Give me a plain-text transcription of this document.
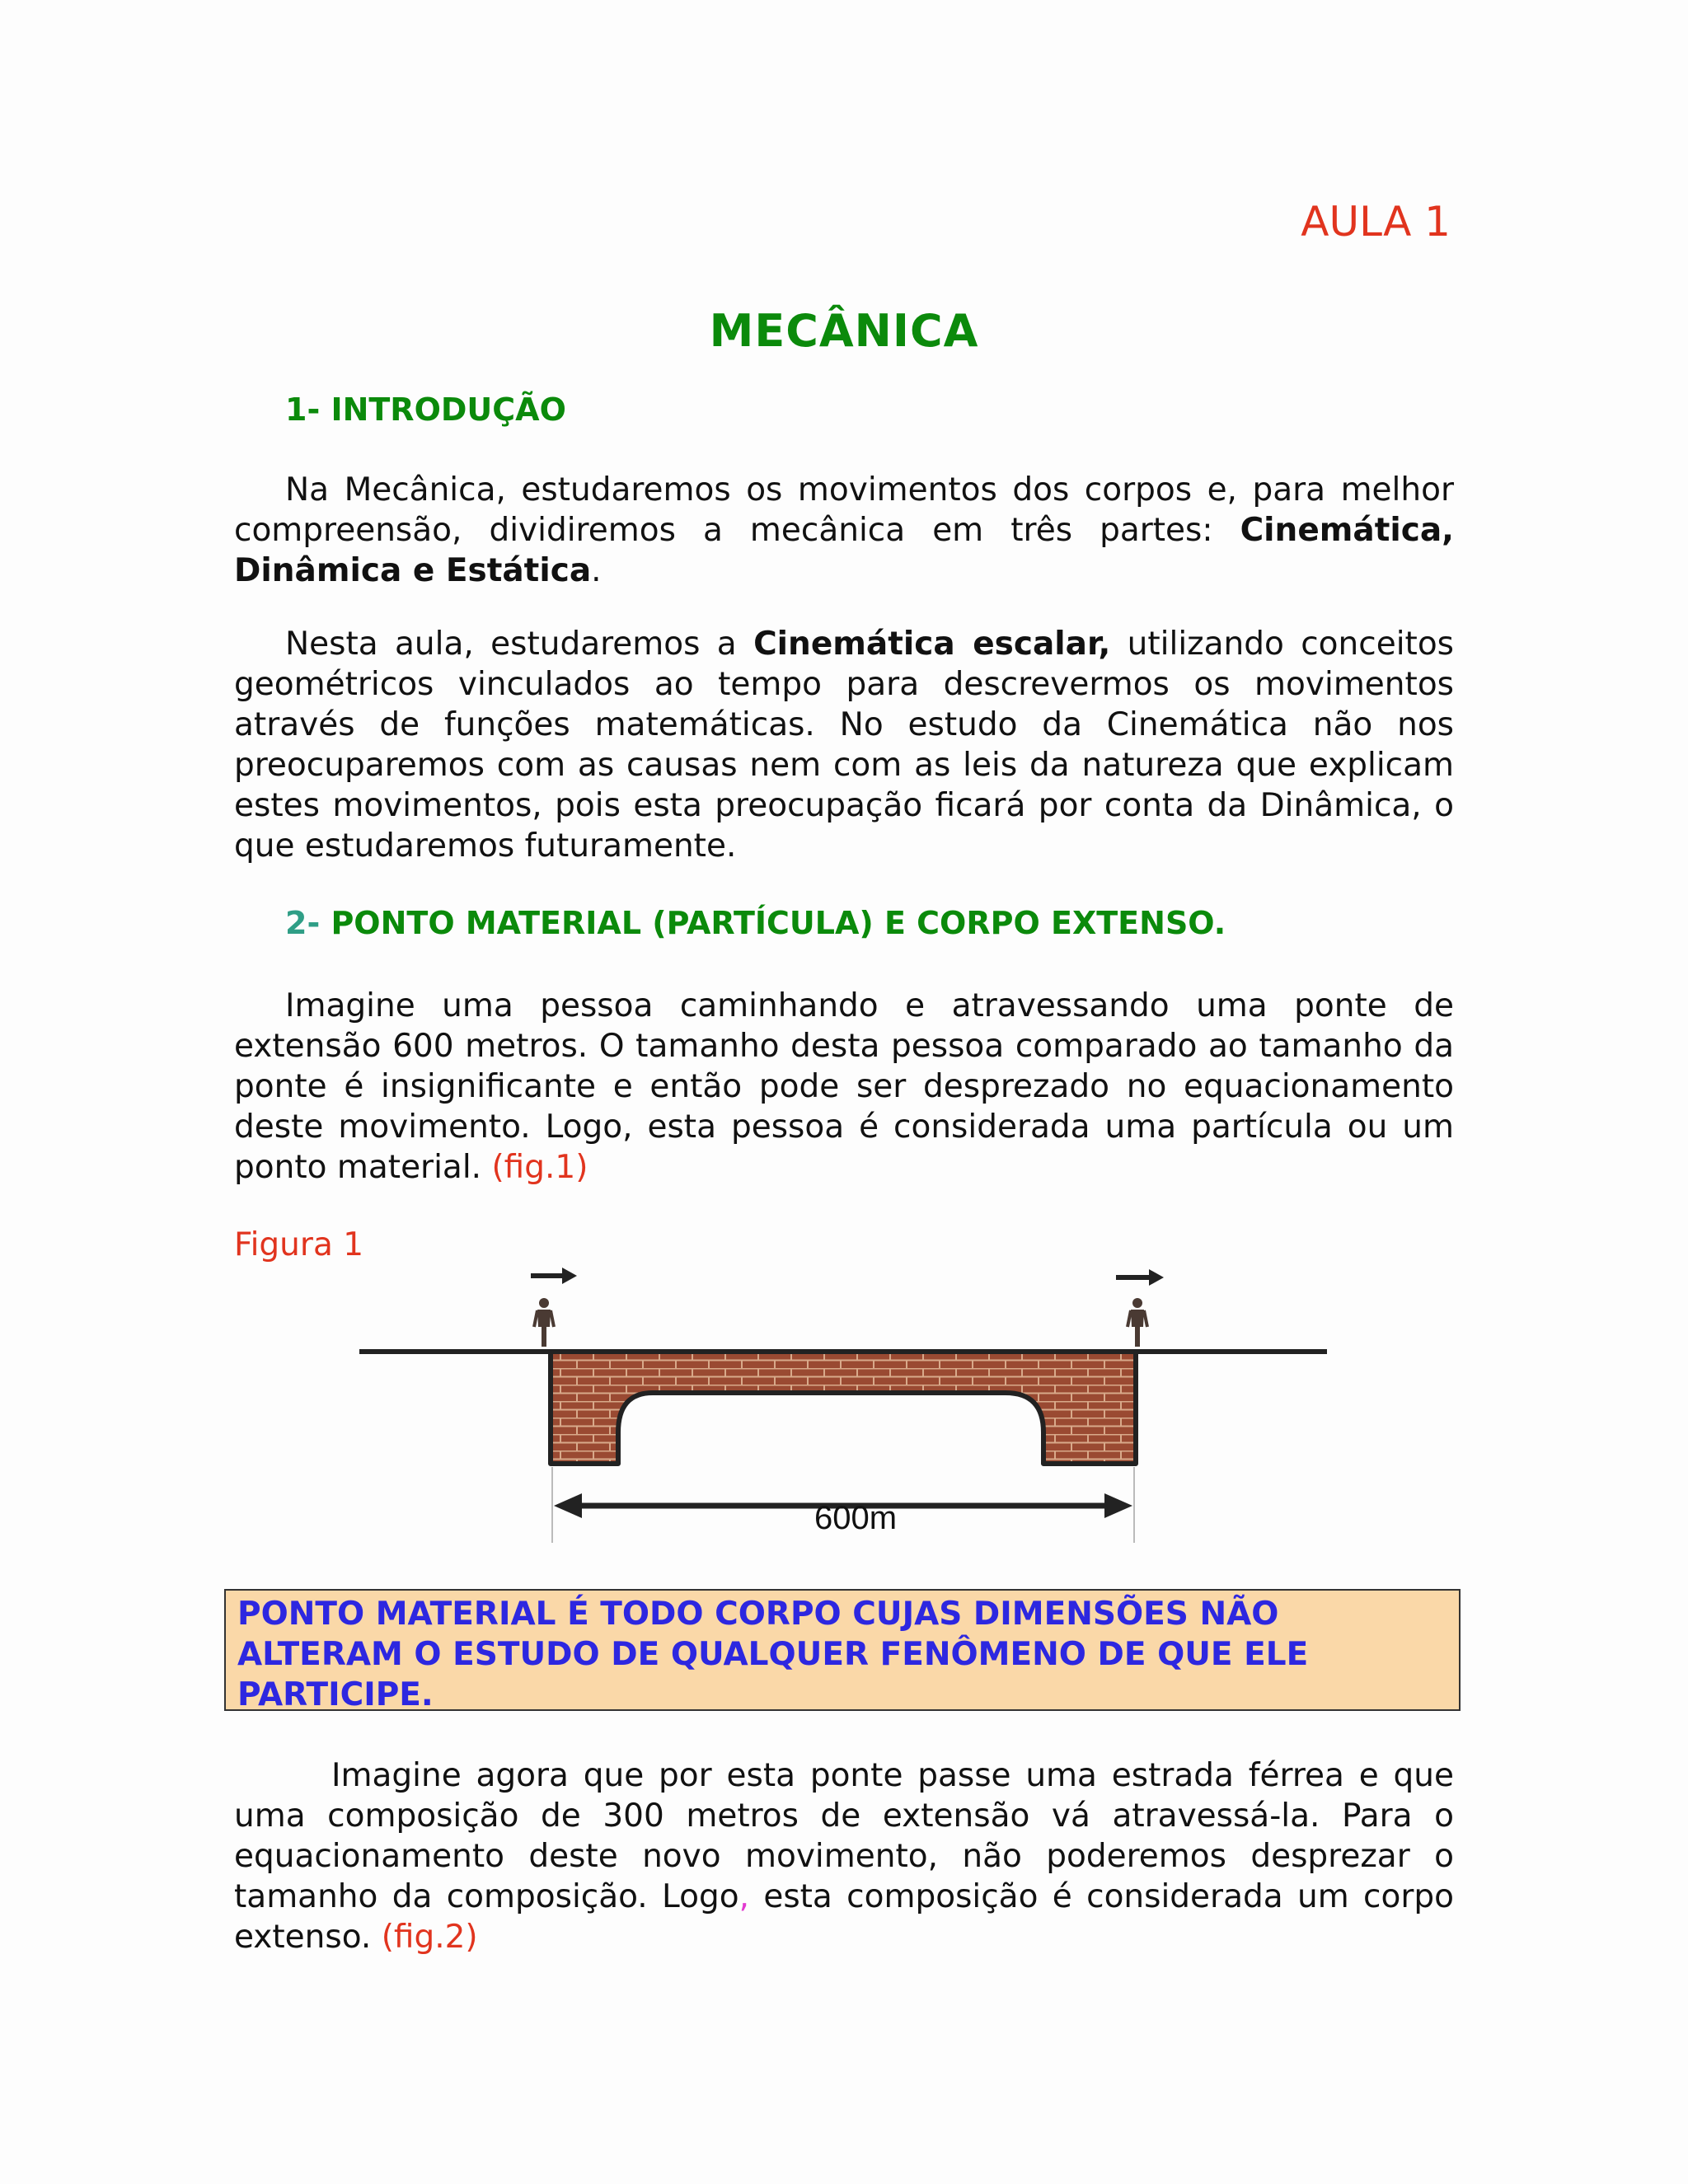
AULA 1
MECÂNICA
1- INTRODUÇÃO
Na Mecânica, estudaremos os movimentos dos corpos e, para melhor compreensão, dividiremos a mecânica em três partes: Cinemática, Dinâmica e Estática.
Nesta aula, estudaremos a Cinemática escalar, utilizando conceitos geométricos vinculados ao tempo para descrevermos os movimentos através de funções matemáticas. No estudo da Cinemática não nos preocuparemos com as causas nem com as leis da natureza que explicam estes movimentos, pois esta preocupação ficará por conta da Dinâmica, o que estudaremos futuramente.
2- PONTO MATERIAL (PARTÍCULA) E CORPO EXTENSO.
Imagine uma pessoa caminhando e atravessando uma ponte de extensão 600 metros. O tamanho desta pessoa comparado ao tamanho da ponte é insignificante e então pode ser desprezado no equacionamento deste movimento. Logo, esta pessoa é considerada uma partícula ou um ponto material. (fig.1)
Figura 1
600m
PONTO MATERIAL É TODO CORPO CUJAS DIMENSÕES NÃO ALTERAM O ESTUDO DE QUALQUER FENÔMENO DE QUE ELE PARTICIPE.
Imagine agora que por esta ponte passe uma estrada férrea e que uma composição de 300 metros de extensão vá atravessá-la. Para o equacionamento deste novo movimento, não poderemos desprezar o tamanho da composição. Logo, esta composição é considerada um corpo extenso. (fig.2)
